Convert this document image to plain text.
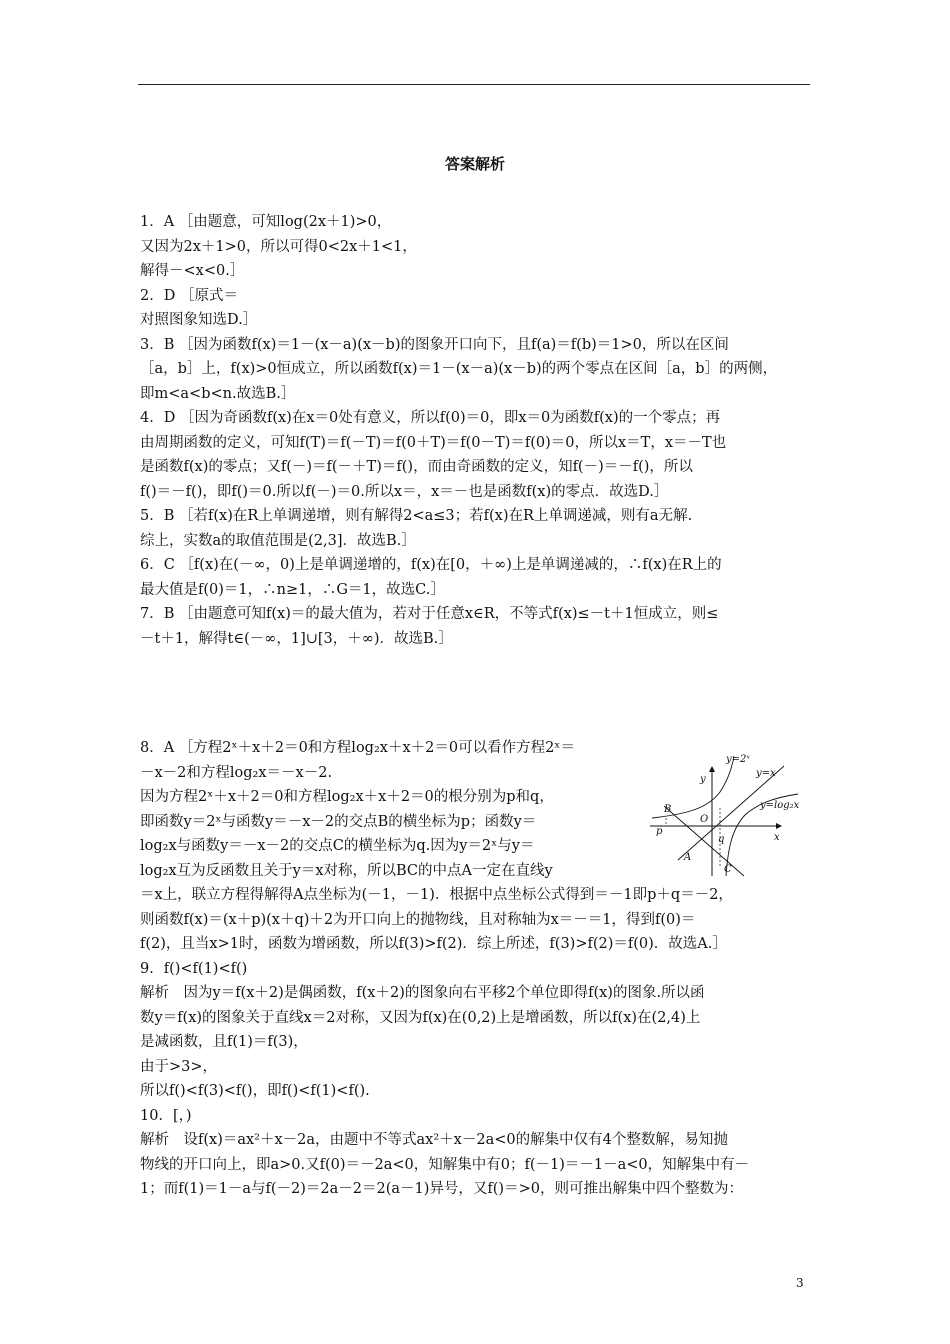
答案解析
1．A ［由题意，可知log(2x＋1)>0，
又因为2x＋1>0，所以可得0<2x＋1<1，
解得－<x<0.］
2．D ［原式＝
对照图象知选D.］
3．B ［因为函数f(x)＝1－(x－a)(x－b)的图象开口向下，且f(a)＝f(b)＝1>0，所以在区间
［a，b］上，f(x)>0恒成立，所以函数f(x)＝1－(x－a)(x－b)的两个零点在区间［a，b］的两侧，
即m<a<b<n.故选B.］
4．D ［因为奇函数f(x)在x＝0处有意义，所以f(0)＝0，即x＝0为函数f(x)的一个零点；再
由周期函数的定义，可知f(T)＝f(－T)＝f(0＋T)＝f(0－T)＝f(0)＝0，所以x＝T，x＝－T也
是函数f(x)的零点；又f(－)＝f(－＋T)＝f()，而由奇函数的定义，知f(－)＝－f()，所以
f()＝－f()，即f()＝0.所以f(－)＝0.所以x＝，x＝－也是函数f(x)的零点．故选D.］
5．B ［若f(x)在R上单调递增，则有解得2<a≤3；若f(x)在R上单调递减，则有a无解.
综上，实数a的取值范围是(2,3]．故选B.］
6．C ［f(x)在(－∞，0)上是单调递增的，f(x)在[0，＋∞)上是单调递减的，∴f(x)在R上的
最大值是f(0)＝1，∴n≥1，∴G＝1，故选C.］
7．B ［由题意可知f(x)＝的最大值为，若对于任意x∈R，不等式f(x)≤－t＋1恒成立，则≤
－t＋1，解得t∈(－∞，1]∪[3，＋∞)．故选B.］
8．A ［方程2ˣ＋x＋2＝0和方程log₂x＋x＋2＝0可以看作方程2ˣ＝
－x－2和方程log₂x＝－x－2.
因为方程2ˣ＋x＋2＝0和方程log₂x＋x＋2＝0的根分别为p和q，
即函数y＝2ˣ与函数y＝－x－2的交点B的横坐标为p；函数y＝
log₂x与函数y＝－x－2的交点C的横坐标为q.因为y＝2ˣ与y＝
log₂x互为反函数且关于y＝x对称，所以BC的中点A一定在直线y
＝x上，联立方程得解得A点坐标为(－1，－1)．根据中点坐标公式得到＝－1即p＋q＝－2，
则函数f(x)＝(x＋p)(x＋q)＋2为开口向上的抛物线，且对称轴为x＝－＝1，得到f(0)＝
f(2)，且当x>1时，函数为增函数，所以f(3)>f(2)．综上所述，f(3)>f(2)＝f(0)．故选A.］
9．f()<f(1)<f()
解析　因为y＝f(x＋2)是偶函数，f(x＋2)的图象向右平移2个单位即得f(x)的图象.所以函
数y＝f(x)的图象关于直线x＝2对称，又因为f(x)在(0,2)上是增函数，所以f(x)在(2,4)上
是减函数，且f(1)＝f(3)，
由于>3>，
所以f()<f(3)<f()，即f()<f(1)<f().
10．[，)
解析　设f(x)＝ax²＋x－2a，由题中不等式ax²＋x－2a<0的解集中仅有4个整数解，易知抛
物线的开口向上，即a>0.又f(0)＝－2a<0，知解集中有0；f(－1)＝－1－a<0，知解集中有－
1；而f(1)＝1－a与f(－2)＝2a－2＝2(a－1)异号，又f()＝>0，则可推出解集中四个整数为：
y=2ˣ
y=x
y=log₂x
y
x
B
p
O
q
A
C
3
